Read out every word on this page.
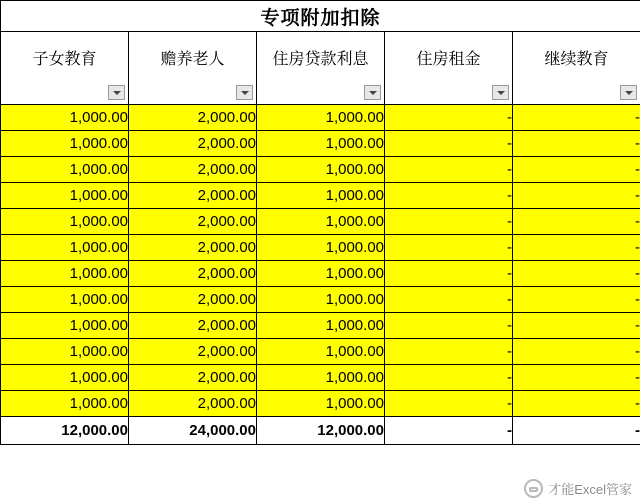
专项附加扣除				

子女教育	赡养老人	住房贷款利息	住房租金	继续教育

1,000.00	2,000.00	1,000.00	-	-
1,000.00	2,000.00	1,000.00	-	-
1,000.00	2,000.00	1,000.00	-	-
1,000.00	2,000.00	1,000.00	-	-
1,000.00	2,000.00	1,000.00	-	-
1,000.00	2,000.00	1,000.00	-	-
1,000.00	2,000.00	1,000.00	-	-
1,000.00	2,000.00	1,000.00	-	-
1,000.00	2,000.00	1,000.00	-	-
1,000.00	2,000.00	1,000.00	-	-
1,000.00	2,000.00	1,000.00	-	-
1,000.00	2,000.00	1,000.00	-	-
12,000.00	24,000.00	12,000.00	-	-
才能Excel管家
